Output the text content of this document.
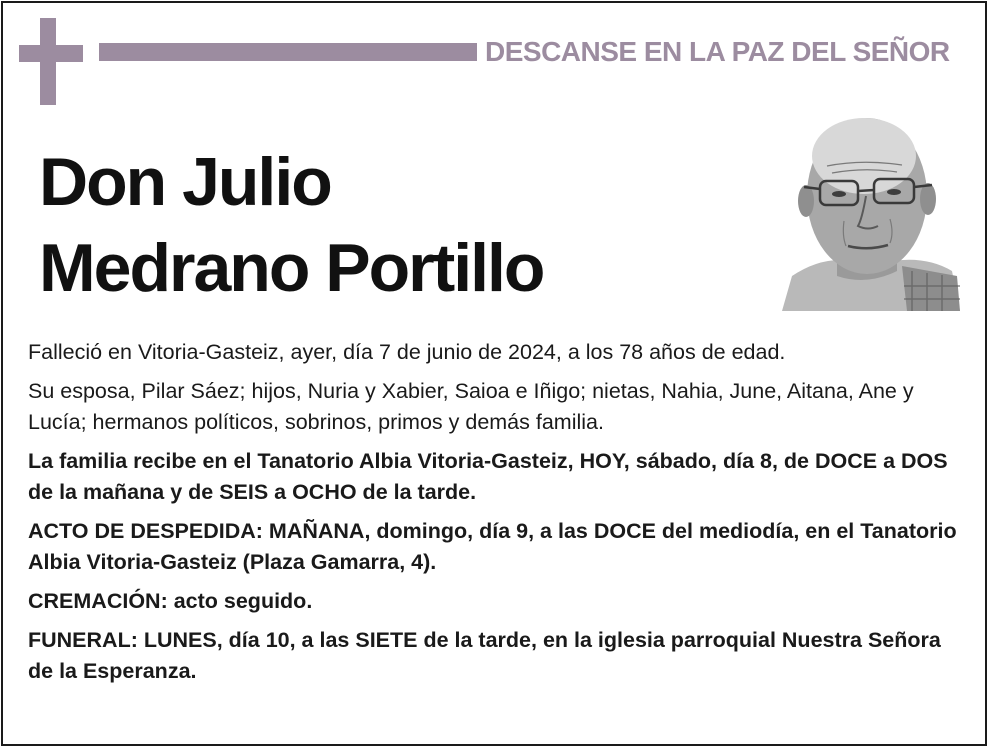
DESCANSE EN LA PAZ DEL SEÑOR
Don Julio
Medrano Portillo

Falleció en Vitoria-Gasteiz, ayer, día 7 de junio de 2024, a los 78 años de edad.

Su esposa, Pilar Sáez; hijos, Nuria y Xabier, Saioa e Iñigo; nietas, Nahia, June, Aitana, Ane y Lucía; hermanos políticos, sobrinos, primos y demás familia.

La familia recibe en el Tanatorio Albia Vitoria-Gasteiz, HOY, sábado, día 8, de DOCE a DOS de la mañana y de SEIS a OCHO de la tarde.

ACTO DE DESPEDIDA: MAÑANA, domingo, día 9, a las DOCE del mediodía, en el Tanatorio Albia Vitoria-Gasteiz (Plaza Gamarra, 4).

CREMACIÓN: acto seguido.

FUNERAL: LUNES, día 10, a las SIETE de la tarde, en la iglesia parroquial Nuestra Señora de la Esperanza.
